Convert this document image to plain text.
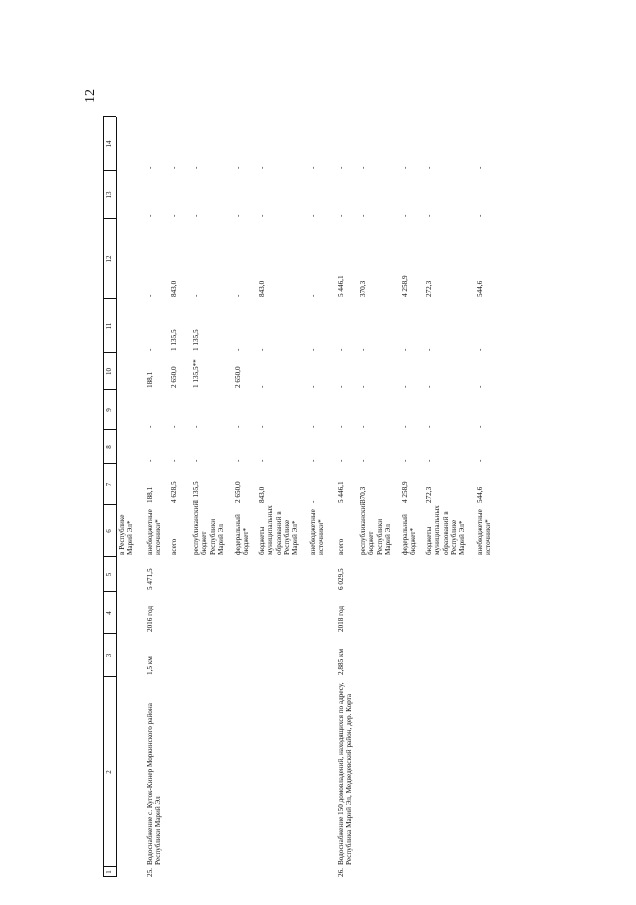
1
2
3
4
5
6
7
8
9
10
11
12
13
14
в Республике Марий Эл*
25.
Водоснабжение с. Кугок-Кинер Моркинского района Республики Марий Эл
1,5 км
2016 год
5 471,5
внебюджетные источники*
188,1
-
-
188,1
-
-
-
-
всего
4 628,5
-
-
2 650,0
1 135,5
843,0
-
-
республиканский бюджет Республики Марий Эл
1 135,5
-
-
1 135,5**
1 135,5
-
-
-
федеральный бюджет*
2 650,0
-
-
2 650,0
-
-
-
-
бюджеты муниципальных образований в Республике Марий Эл*
843,0
-
-
-
-
843,0
-
-
внебюджетные источники*
-
-
-
-
-
-
-
-
26.
Водоснабжение 150 домовладений, находящихся по адресу, Республика Марий Эл, Медведевский район, дер. Корта
2,885 км
2018 год
6 029,5
всего
5 446,1
-
-
-
-
5 446,1
-
-
республиканский бюджет Республики Марий Эл
370,3
-
-
-
-
370,3
-
-
федеральный бюджет*
4 258,9
-
-
-
-
4 258,9
-
-
бюджеты муниципальных образований в Республике Марий Эл*
272,3
-
-
-
-
272,3
-
-
внебюджетные источники*
544,6
-
-
-
-
544,6
-
-
12
